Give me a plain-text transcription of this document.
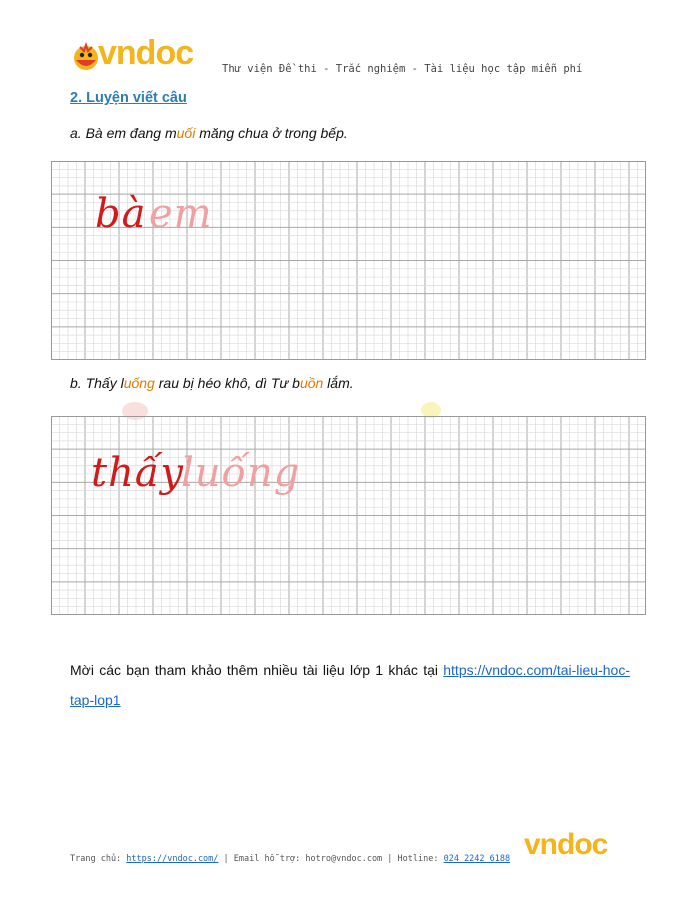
vndoc	Thư viện Đề thi - Trắc nghiệm - Tài liệu học tập miễn phí
2. Luyện viết câu
a. Bà em đang muối măng chua ở trong bếp.
bà em
b. Thấy luống rau bị héo khô, dì Tư buồn lắm.
thấy
luống
Mời các bạn tham khảo thêm nhiều tài liệu lớp 1 khác tại https://vndoc.com/tai-lieu-hoc-tap-lop1
Trang chủ: https://vndoc.com/ | Email hỗ trợ: hotro@vndoc.com | Hotline: 024 2242 6188 vndoc
